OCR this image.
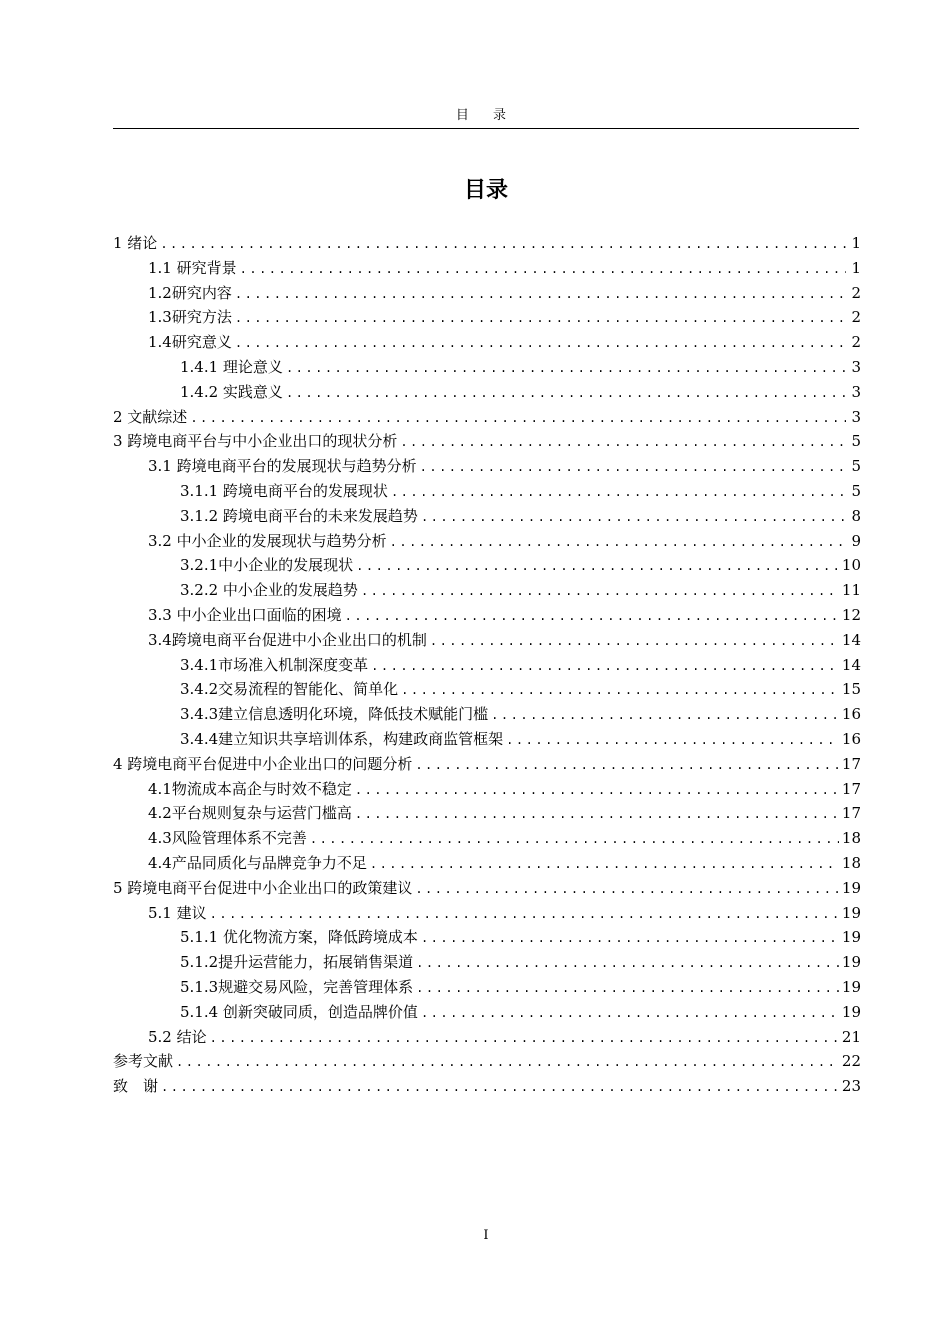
目 录
目录
1 绪论 .....	1
1.1 研究背景 .....	1
1.2研究内容 .....	2
1.3研究方法 .....	2
1.4研究意义 .....	2
1.4.1 理论意义 .....	3
1.4.2 实践意义 .....	3
2 文献综述 .....	3
3 跨境电商平台与中小企业出口的现状分析 .....	5
3.1 跨境电商平台的发展现状与趋势分析 .....	5
3.1.1 跨境电商平台的发展现状 .....	5
3.1.2 跨境电商平台的未来发展趋势 .....	8
3.2 中小企业的发展现状与趋势分析 .....	9
3.2.1中小企业的发展现状 .....	10
3.2.2 中小企业的发展趋势 .....	11
3.3 中小企业出口面临的困境 .....	12
3.4跨境电商平台促进中小企业出口的机制 .....	14
3.4.1市场准入机制深度变革 .....	14
3.4.2交易流程的智能化、简单化 .....	15
3.4.3建立信息透明化环境，降低技术赋能门槛 .....	16
3.4.4建立知识共享培训体系，构建政商监管框架 .....	16
4 跨境电商平台促进中小企业出口的问题分析 .....	17
4.1物流成本高企与时效不稳定 .....	17
4.2平台规则复杂与运营门槛高 .....	17
4.3风险管理体系不完善 .....	18
4.4产品同质化与品牌竞争力不足 .....	18
5 跨境电商平台促进中小企业出口的政策建议 .....	19
5.1 建议 .....	19
5.1.1 优化物流方案，降低跨境成本 .....	19
5.1.2提升运营能力，拓展销售渠道 .....	19
5.1.3规避交易风险，完善管理体系 .....	19
5.1.4 创新突破同质，创造品牌价值 .....	19
5.2 结论 .....	21
参考文献 .....	22
致　谢 .....	23
I
